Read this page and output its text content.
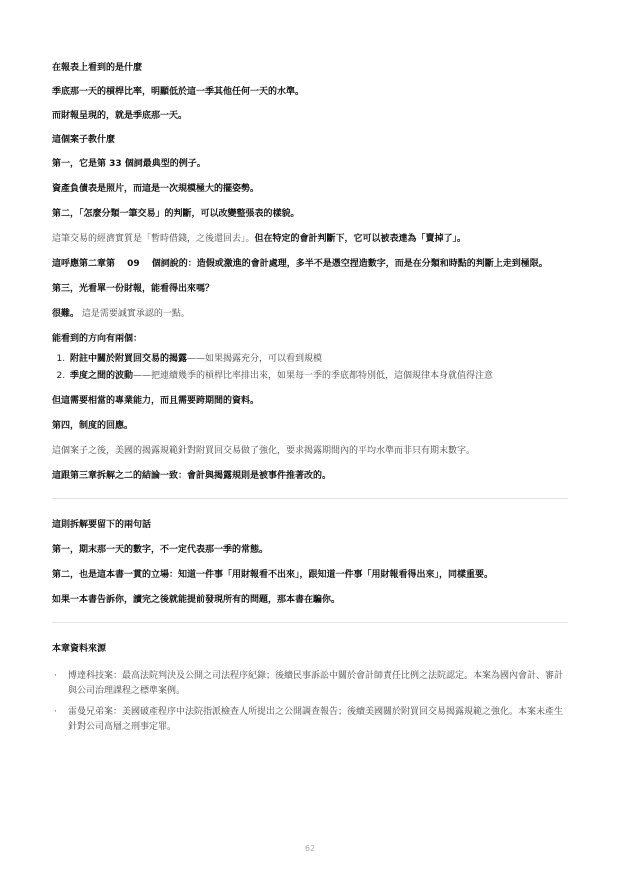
在報表上看到的是什麼

季底那一天的槓桿比率，明顯低於這一季其他任何一天的水準。

而財報呈現的，就是季底那一天。

這個案子教什麼

第一，它是第 33 個詞最典型的例子。

資產負債表是照片，而這是一次規模極大的擺姿勢。

第二，「怎麼分類一筆交易」的判斷，可以改變整張表的樣貌。

這筆交易的經濟實質是「暫時借錢，之後還回去」。但在特定的會計判斷下，它可以被表達為「賣掉了」。

這呼應第二章第　 09　 個詞說的：造假或激進的會計處理，多半不是憑空捏造數字，而是在分類和時點的判斷上走到極限。

第三，光看單一份財報，能看得出來嗎？

很難。 這是需要誠實承認的一點。

能看到的方向有兩個：

1. 附註中關於附買回交易的揭露——如果揭露充分，可以看到規模
2. 季度之間的波動——把連續幾季的槓桿比率排出來，如果每一季的季底都特別低，這個規律本身就值得注意

但這需要相當的專業能力，而且需要跨期間的資料。

第四，制度的回應。

這個案子之後，美國的揭露規範針對附買回交易做了強化，要求揭露期間內的平均水準而非只有期末數字。

這跟第三章拆解之二的結論一致：會計與揭露規則是被事件推著改的。

這則拆解要留下的兩句話

第一，期末那一天的數字，不一定代表那一季的常態。

第二，也是這本書一貫的立場：知道一件事「用財報看不出來」，跟知道一件事「用財報看得出來」，同樣重要。

如果一本書告訴你，讀完之後就能提前發現所有的問題，那本書在騙你。

本章資料來源

· 博達科技案：最高法院判決及公開之司法程序紀錄；後續民事訴訟中關於會計師責任比例之法院認定。本案為國內會計、審計與公司治理課程之標準案例。
· 雷曼兄弟案：美國破產程序中法院指派檢查人所提出之公開調查報告；後續美國關於附買回交易揭露規範之強化。本案未產生針對公司高層之刑事定罪。
62
